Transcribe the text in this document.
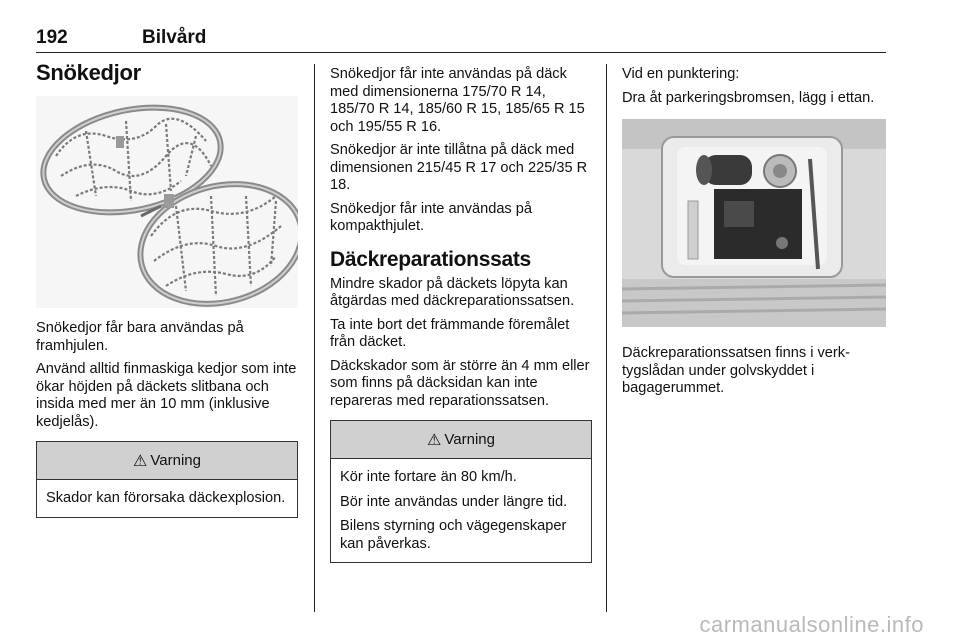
192	Bilvård
Snökedjor

Snökedjor får bara användas på framhjulen.

Använd alltid finmaskiga kedjor som inte ökar höjden på däckets slitbana och insida med mer än 10 mm (inklusive kedjelås).

⚠ Varning

Skador kan förorsaka däckexplosion.

Snökedjor får inte användas på däck med dimensionerna 175/70 R 14, 185/70 R 14, 185/60 R 15, 185/65 R 15 och 195/55 R 16.

Snökedjor är inte tillåtna på däck med dimensionen 215/45 R 17 och 225/35 R 18.

Snökedjor får inte användas på kompakthjulet.

Däckreparationssats

Mindre skador på däckets löpyta kan åtgärdas med däckreparationssatsen.

Ta inte bort det främmande föremålet från däcket.

Däckskador som är större än 4 mm eller som finns på däcksidan kan inte repareras med reparationssatsen.

⚠ Varning

Kör inte fortare än 80 km/h.

Bör inte användas under längre tid.

Bilens styrning och vägegenskaper kan påverkas.

Vid en punktering:

Dra åt parkeringsbromsen, lägg i ettan.

Däckreparationssatsen finns i verktygslådan under golvskyddet i bagagerummet.

carmanualsonline.info
